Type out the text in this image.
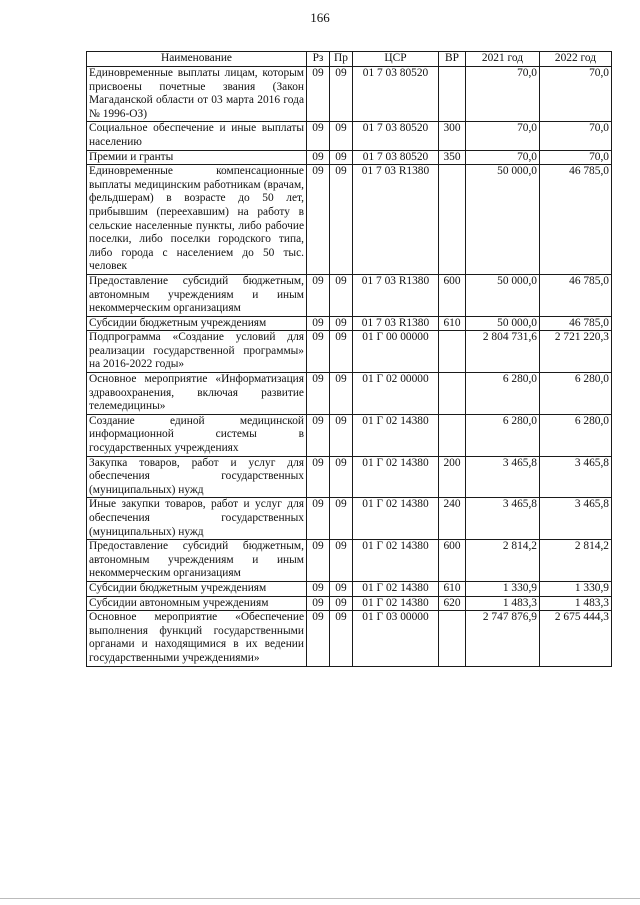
166
Наименование	Рз	Пр	ЦСР	ВР	2021 год	2022 год
Единовременные выплаты лицам, которым присвоены почетные звания (Закон Магаданской области от 03 марта 2016 года № 1996-ОЗ)	09	09	01 7 03 80520		70,0	70,0
Социальное обеспечение и иные выплаты населению	09	09	01 7 03 80520	300	70,0	70,0
Премии и гранты	09	09	01 7 03 80520	350	70,0	70,0
Единовременные компенсационные выплаты медицинским работникам (врачам, фельдшерам) в возрасте до 50 лет, прибывшим (переехавшим) на работу в сельские населенные пункты, либо рабочие поселки, либо поселки городского типа, либо города с населением до 50 тыс. человек	09	09	01 7 03 R1380		50 000,0	46 785,0
Предоставление субсидий бюджетным, автономным учреждениям и иным некоммерческим организациям	09	09	01 7 03 R1380	600	50 000,0	46 785,0
Субсидии бюджетным учреждениям	09	09	01 7 03 R1380	610	50 000,0	46 785,0
Подпрограмма «Создание условий для реализации государственной программы» на 2016-2022 годы»	09	09	01 Г 00 00000		2 804 731,6	2 721 220,3
Основное мероприятие «Информатизация здравоохранения, включая развитие телемедицины»	09	09	01 Г 02 00000		6 280,0	6 280,0
Создание единой медицинской информационной системы в государственных учреждениях	09	09	01 Г 02 14380		6 280,0	6 280,0
Закупка товаров, работ и услуг для обеспечения государственных (муниципальных) нужд	09	09	01 Г 02 14380	200	3 465,8	3 465,8
Иные закупки товаров, работ и услуг для обеспечения государственных (муниципальных) нужд	09	09	01 Г 02 14380	240	3 465,8	3 465,8
Предоставление субсидий бюджетным, автономным учреждениям и иным некоммерческим организациям	09	09	01 Г 02 14380	600	2 814,2	2 814,2
Субсидии бюджетным учреждениям	09	09	01 Г 02 14380	610	1 330,9	1 330,9
Субсидии автономным учреждениям	09	09	01 Г 02 14380	620	1 483,3	1 483,3
Основное мероприятие «Обеспечение выполнения функций государственными органами и находящимися в их ведении государственными учреждениями»	09	09	01 Г 03 00000		2 747 876,9	2 675 444,3
